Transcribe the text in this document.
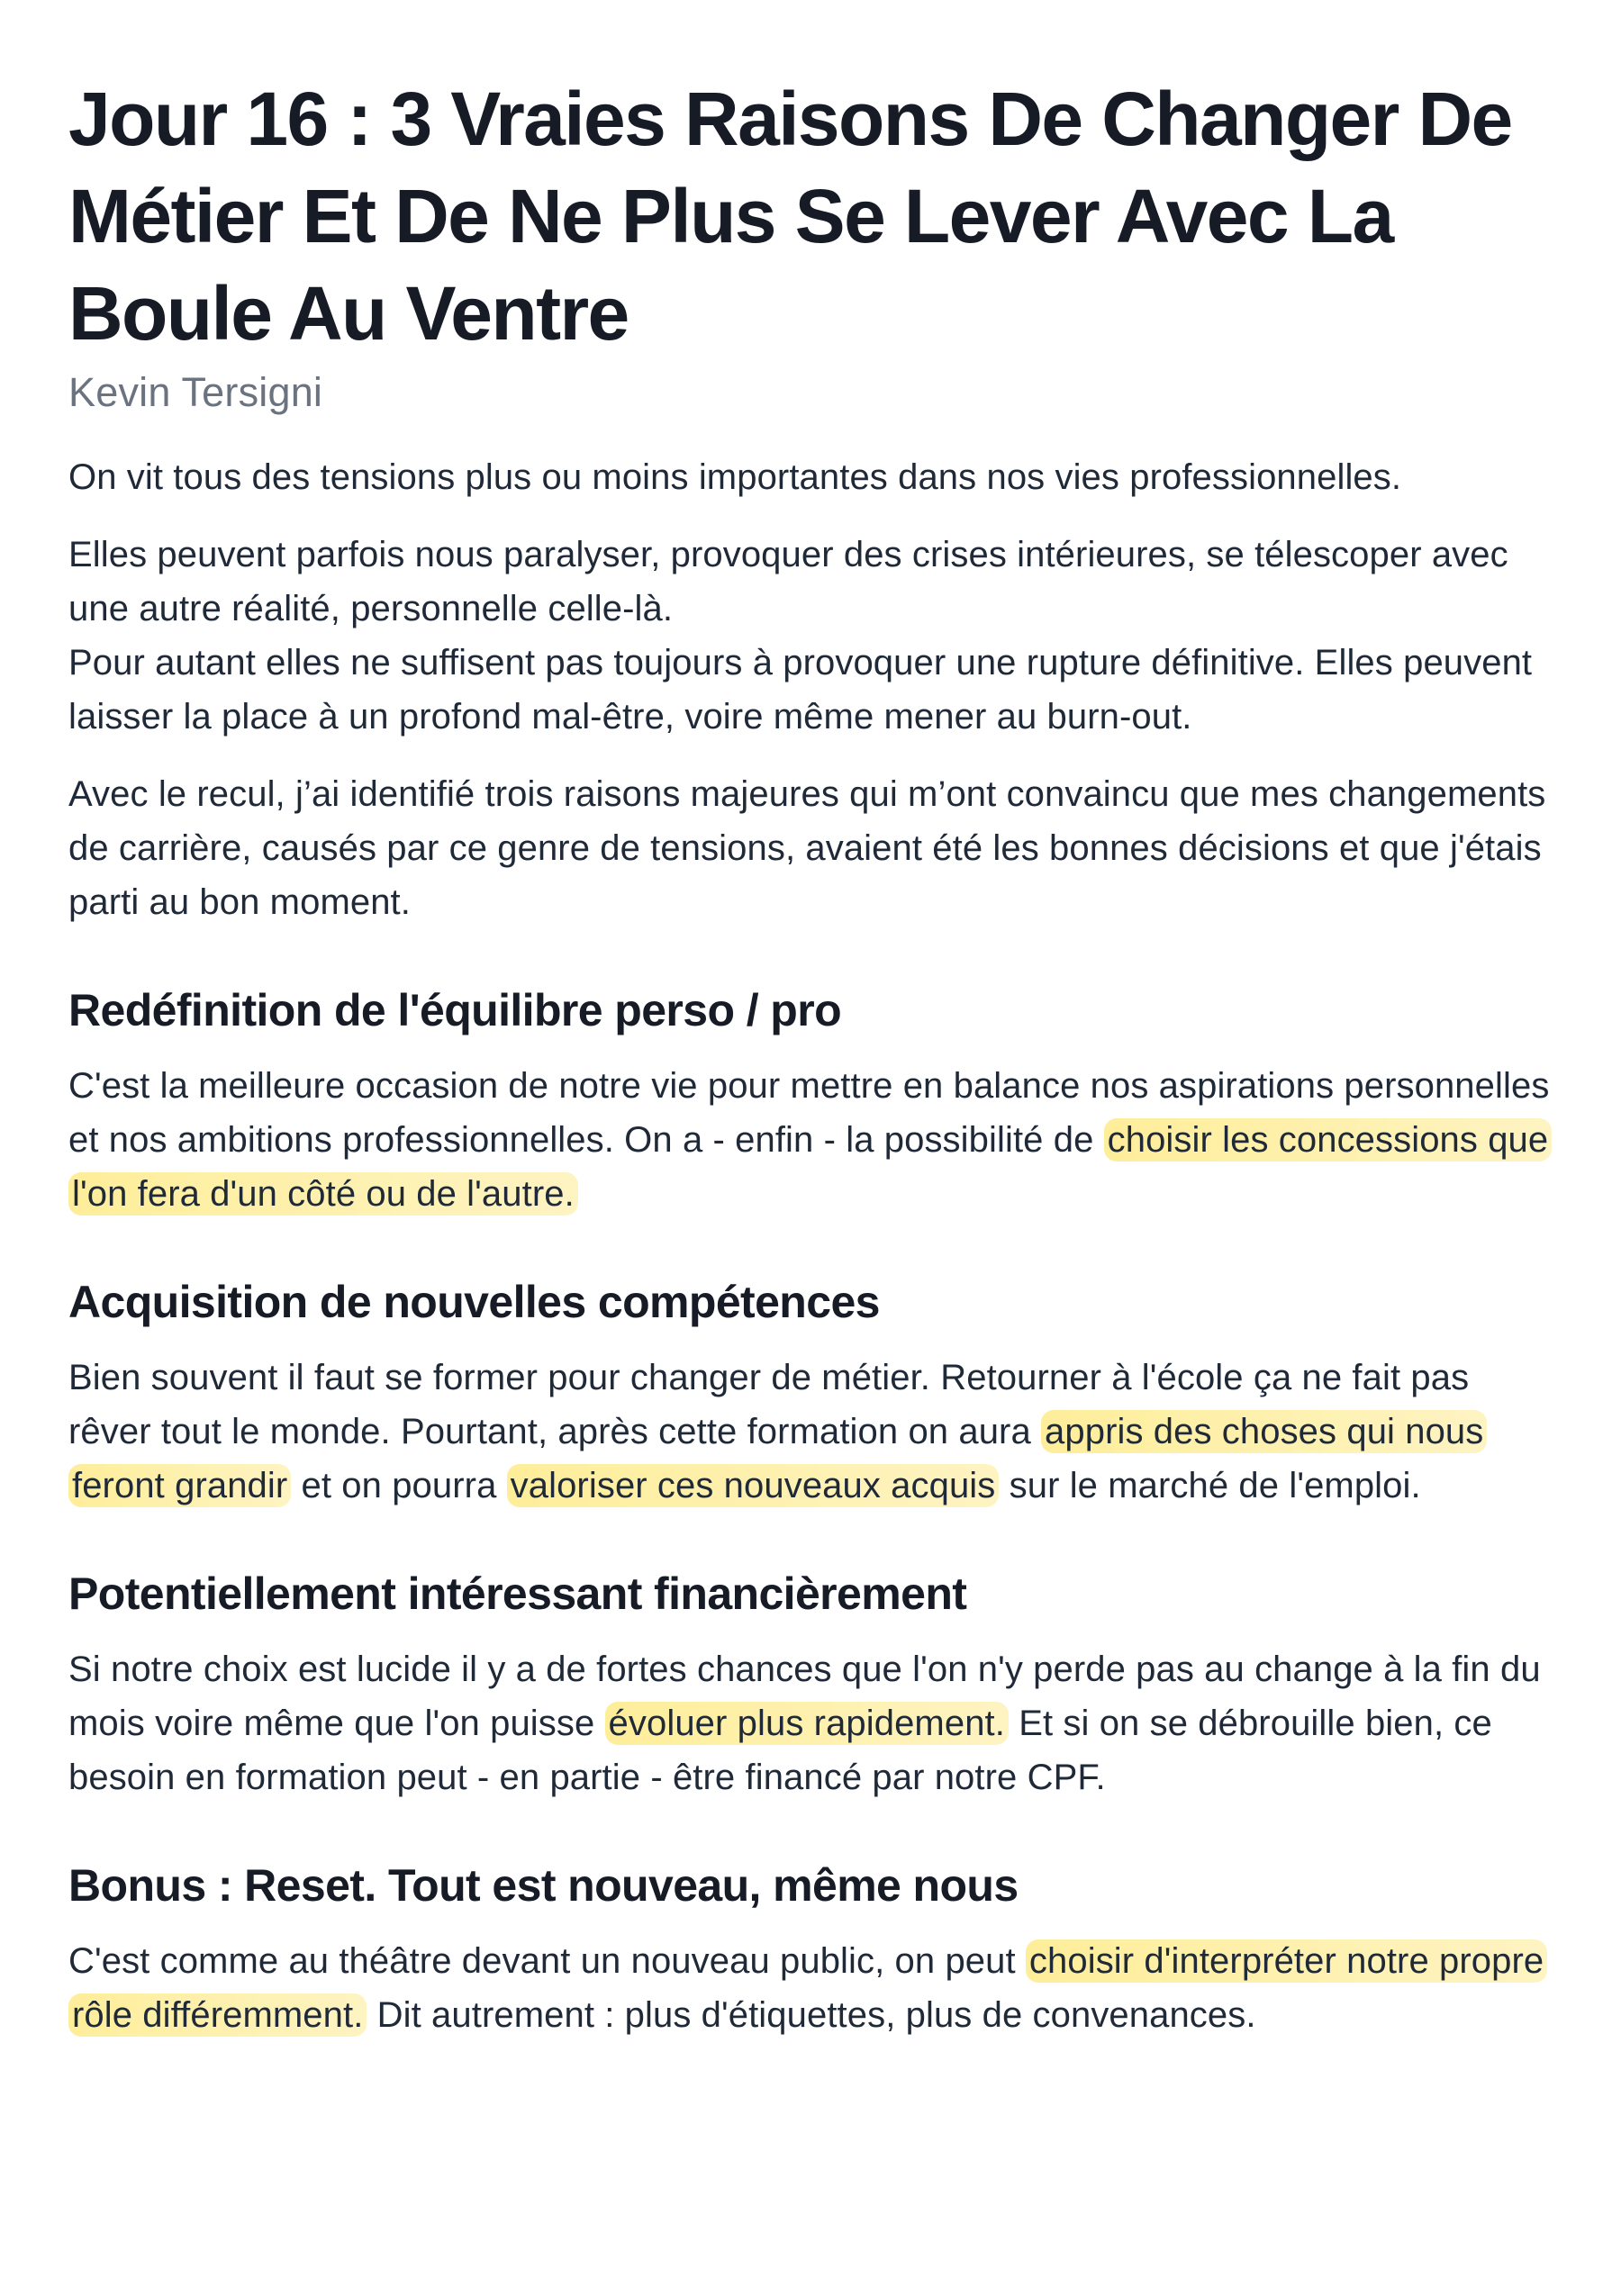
Jour 16 : 3 Vraies Raisons De Changer De Métier Et De Ne Plus Se Lever Avec La Boule Au Ventre

Kevin Tersigni

On vit tous des tensions plus ou moins importantes dans nos vies professionnelles.

Elles peuvent parfois nous paralyser, provoquer des crises intérieures, se télescoper avec une autre réalité, personnelle celle-là.
Pour autant elles ne suffisent pas toujours à provoquer une rupture définitive. Elles peuvent laisser la place à un profond mal-être, voire même mener au burn-out.

Avec le recul, j’ai identifié trois raisons majeures qui m’ont convaincu que mes changements de carrière, causés par ce genre de tensions, avaient été les bonnes décisions et que j'étais parti au bon moment.

Redéfinition de l'équilibre perso / pro

C'est la meilleure occasion de notre vie pour mettre en balance nos aspirations personnelles et nos ambitions professionnelles. On a - enfin - la possibilité de choisir les concessions que l'on fera d'un côté ou de l'autre.

Acquisition de nouvelles compétences

Bien souvent il faut se former pour changer de métier. Retourner à l'école ça ne fait pas rêver tout le monde. Pourtant, après cette formation on aura appris des choses qui nous feront grandir et on pourra valoriser ces nouveaux acquis sur le marché de l'emploi.

Potentiellement intéressant financièrement

Si notre choix est lucide il y a de fortes chances que l'on n'y perde pas au change à la fin du mois voire même que l'on puisse évoluer plus rapidement. Et si on se débrouille bien, ce besoin en formation peut - en partie - être financé par notre CPF.

Bonus : Reset. Tout est nouveau, même nous

C'est comme au théâtre devant un nouveau public, on peut choisir d'interpréter notre propre rôle différemment. Dit autrement : plus d'étiquettes, plus de convenances.
